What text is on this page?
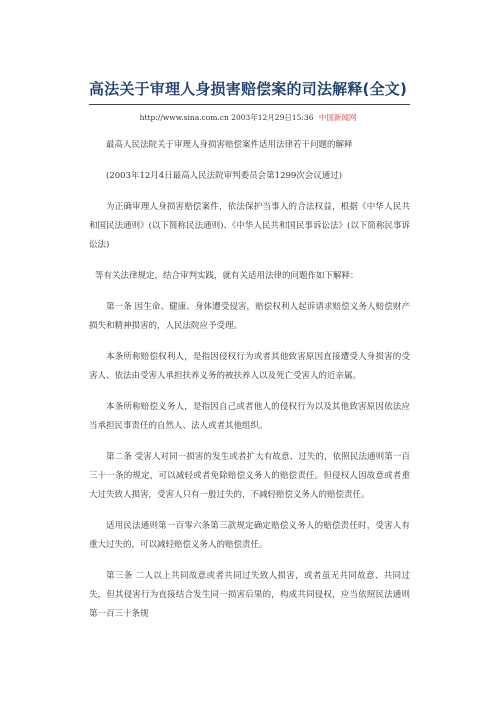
高法关于审理人身损害赔偿案的司法解释(全文)
http://www.sina.com.cn 2003年12月29日15:36 中国新闻网

最高人民法院关于审理人身损害赔偿案件适用法律若干问题的解释

(2003年12月4日最高人民法院审判委员会第1299次会议通过)

为正确审理人身损害赔偿案件，依法保护当事人的合法权益，根据《中华人民共和国民法通则》(以下简称民法通则)、《中华人民共和国民事诉讼法》(以下简称民事诉讼法)

等有关法律规定，结合审判实践，就有关适用法律的问题作如下解释：

第一条 因生命、健康、身体遭受侵害，赔偿权利人起诉请求赔偿义务人赔偿财产损失和精神损害的，人民法院应予受理。

本条所称赔偿权利人，是指因侵权行为或者其他致害原因直接遭受人身损害的受害人、依法由受害人承担扶养义务的被扶养人以及死亡受害人的近亲属。

本条所称赔偿义务人，是指因自己或者他人的侵权行为以及其他致害原因依法应当承担民事责任的自然人、法人或者其他组织。

第二条 受害人对同一损害的发生或者扩大有故意、过失的，依照民法通则第一百三十一条的规定，可以减轻或者免除赔偿义务人的赔偿责任。但侵权人因故意或者重大过失致人损害，受害人只有一般过失的，不减轻赔偿义务人的赔偿责任。

适用民法通则第一百零六条第三款规定确定赔偿义务人的赔偿责任时，受害人有重大过失的，可以减轻赔偿义务人的赔偿责任。

第三条 二人以上共同故意或者共同过失致人损害，或者虽无共同故意、共同过失，但其侵害行为直接结合发生同一损害后果的，构成共同侵权，应当依照民法通则第一百三十条规
